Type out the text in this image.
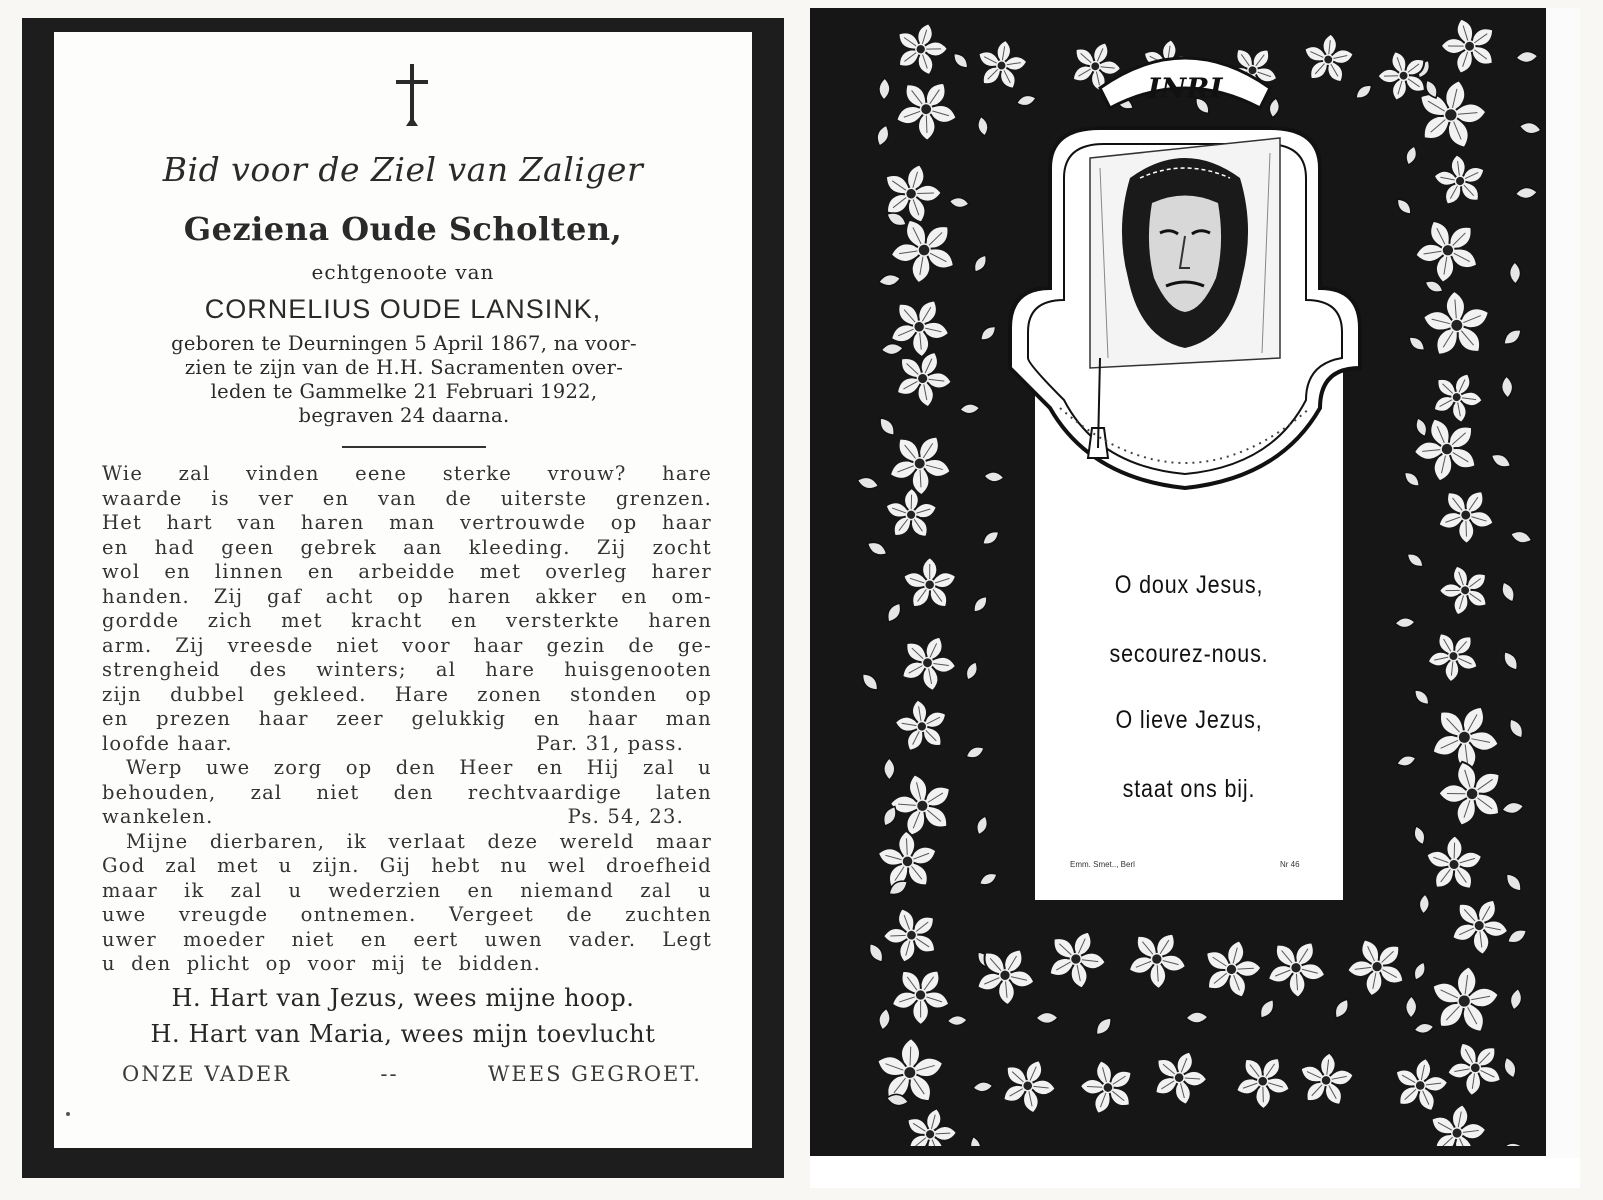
Bid voor de Ziel van Zaliger
Geziena Oude Scholten,
echtgenoote van
CORNELIUS OUDE LANSINK,
geboren te Deurningen 5 April 1867, na voor-
zien te zijn van de H.H. Sacramenten over-
leden te Gammelke 21 Februari 1922,
begraven 24 daarna.
Wie zal vinden eene sterke vrouw? hare
waarde is ver en van de uiterste grenzen.
Het hart van haren man vertrouwde op haar
en had geen gebrek aan kleeding. Zij zocht
wol en linnen en arbeidde met overleg harer
handen. Zij gaf acht op haren akker en om-
gordde zich met kracht en versterkte haren
arm. Zij vreesde niet voor haar gezin de ge-
strengheid des winters; al hare huisgenooten
zijn dubbel gekleed. Hare zonen stonden op
en prezen haar zeer gelukkig en haar man
loofde haar.	Par. 31, pass.
Werp uwe zorg op den Heer en Hij zal u
behouden, zal niet den rechtvaardige laten
wankelen.	Ps. 54, 23.
Mijne dierbaren, ik verlaat deze wereld maar
God zal met u zijn. Gij hebt nu wel droefheid
maar ik zal u wederzien en niemand zal u
uwe vreugde ontnemen. Vergeet de zuchten
uwer moeder niet en eert uwen vader. Legt
u den plicht op voor mij te bidden.
H. Hart van Jezus, wees mijne hoop.
H. Hart van Maria, wees mijn toevlucht
ONZE VADER	--	WEES GEGROET.
INRI
O doux Jesus,
secourez-nous.
O lieve Jezus,
staat ons bij.
Emm. Smet.., Berl	Nr 46
